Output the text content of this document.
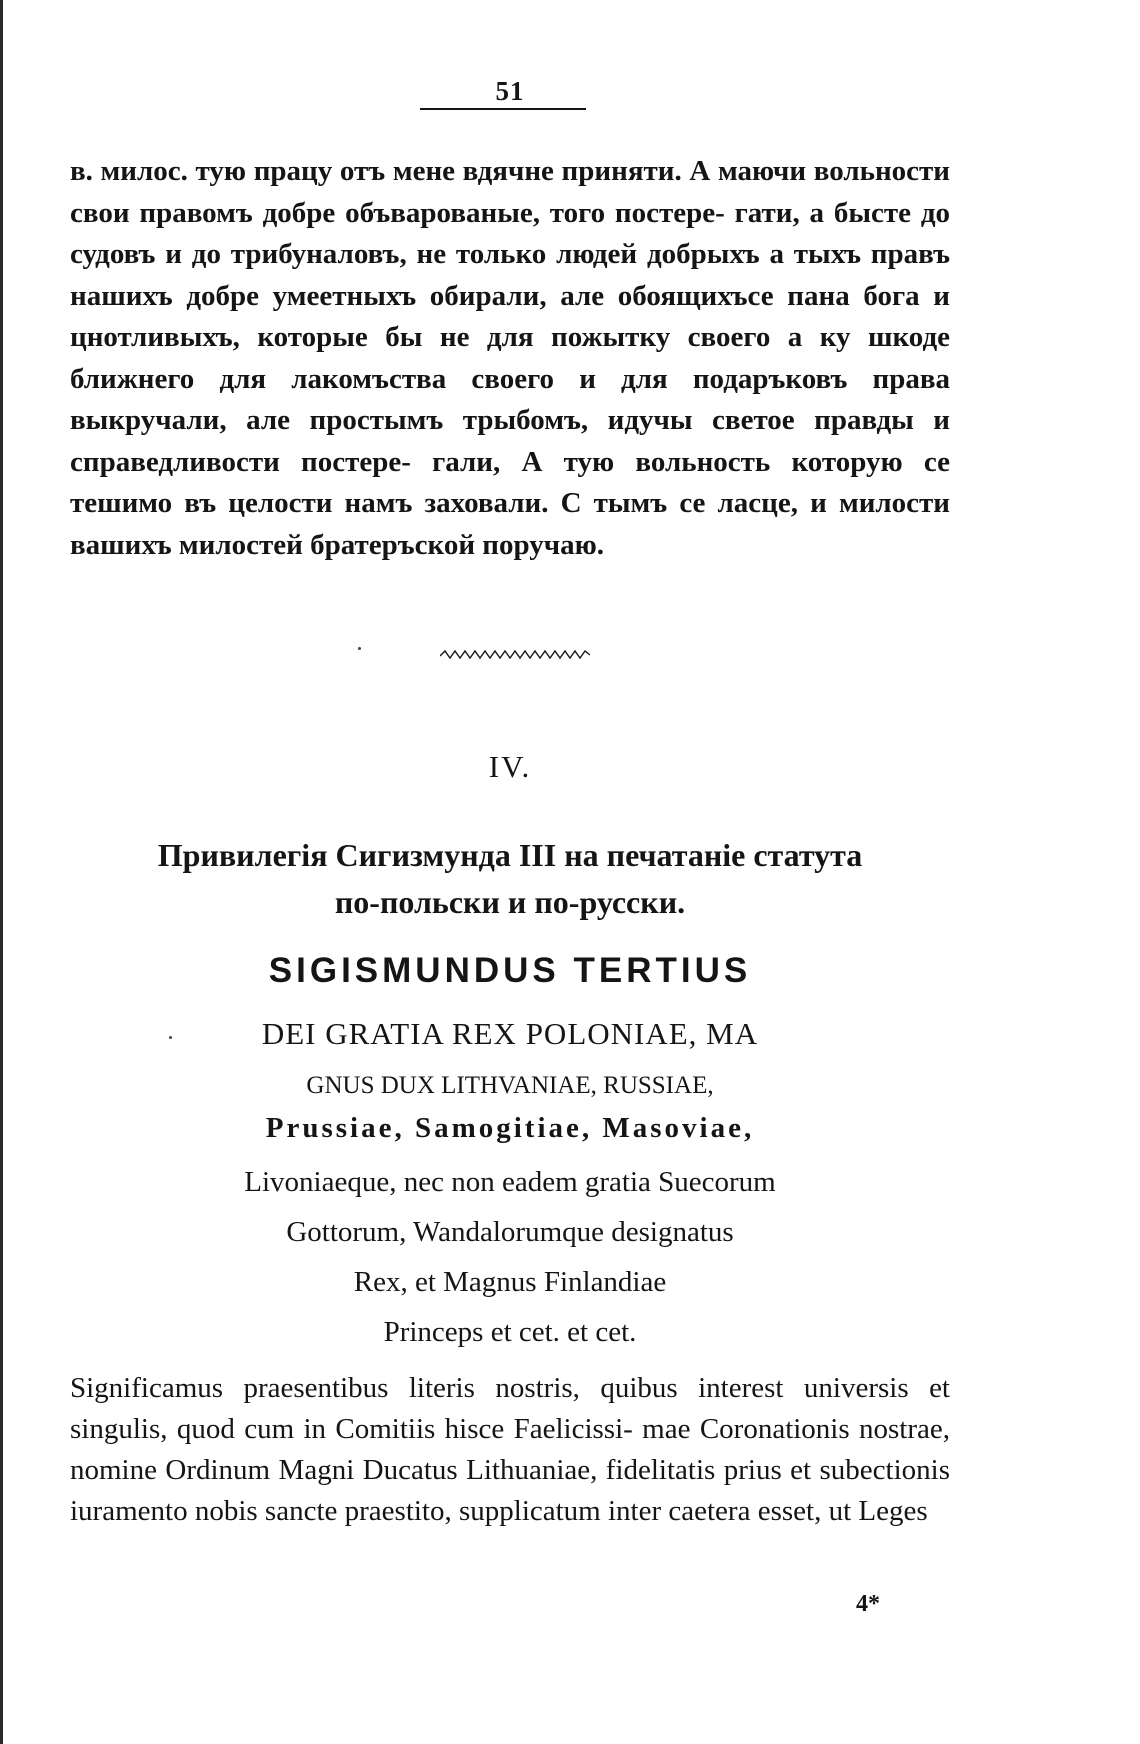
51
в. милос. тую працу отъ мене вдячне приняти. А маючи вольности свои правомъ добре объварованые, того постере- гати, а бысте до судовъ и до трибуналовъ, не только людей добрыхъ а тыхъ правъ нашихъ добре умеетныхъ обирали, але обоящихъсе пана бога и цнотливыхъ, которые бы не для пожытку своего а ку шкоде ближнего для лакомъства своего и для подаръковъ права выкручали, але простымъ трыбомъ, идучы светое правды и справедливости постере- гали, А тую вольность которую се тешимо въ целости намъ заховали. С тымъ се ласце, и милости вашихъ милостей братеръской поручаю.
IV.
Привилегія Сигизмунда III на печатаніе статута
по-польски и по-русски.
SIGISMUNDUS TERTIUS
DEI GRATIA REX POLONIAE, MA
GNUS DUX LITHVANIAE, RUSSIAE,
Prussiae, Samogitiae, Masoviae,
Livoniaeque, nec non eadem gratia Suecorum
Gottorum, Wandalorumque designatus
Rex, et Magnus Finlandiae
Princeps et cet. et cet.
Significamus praesentibus literis nostris, quibus interest universis et singulis, quod cum in Comitiis hisce Faelicissi- mae Coronationis nostrae, nomine Ordinum Magni Ducatus Lithuaniae, fidelitatis prius et subectionis iuramento nobis sancte praestito, supplicatum inter caetera esset, ut Leges
4*
